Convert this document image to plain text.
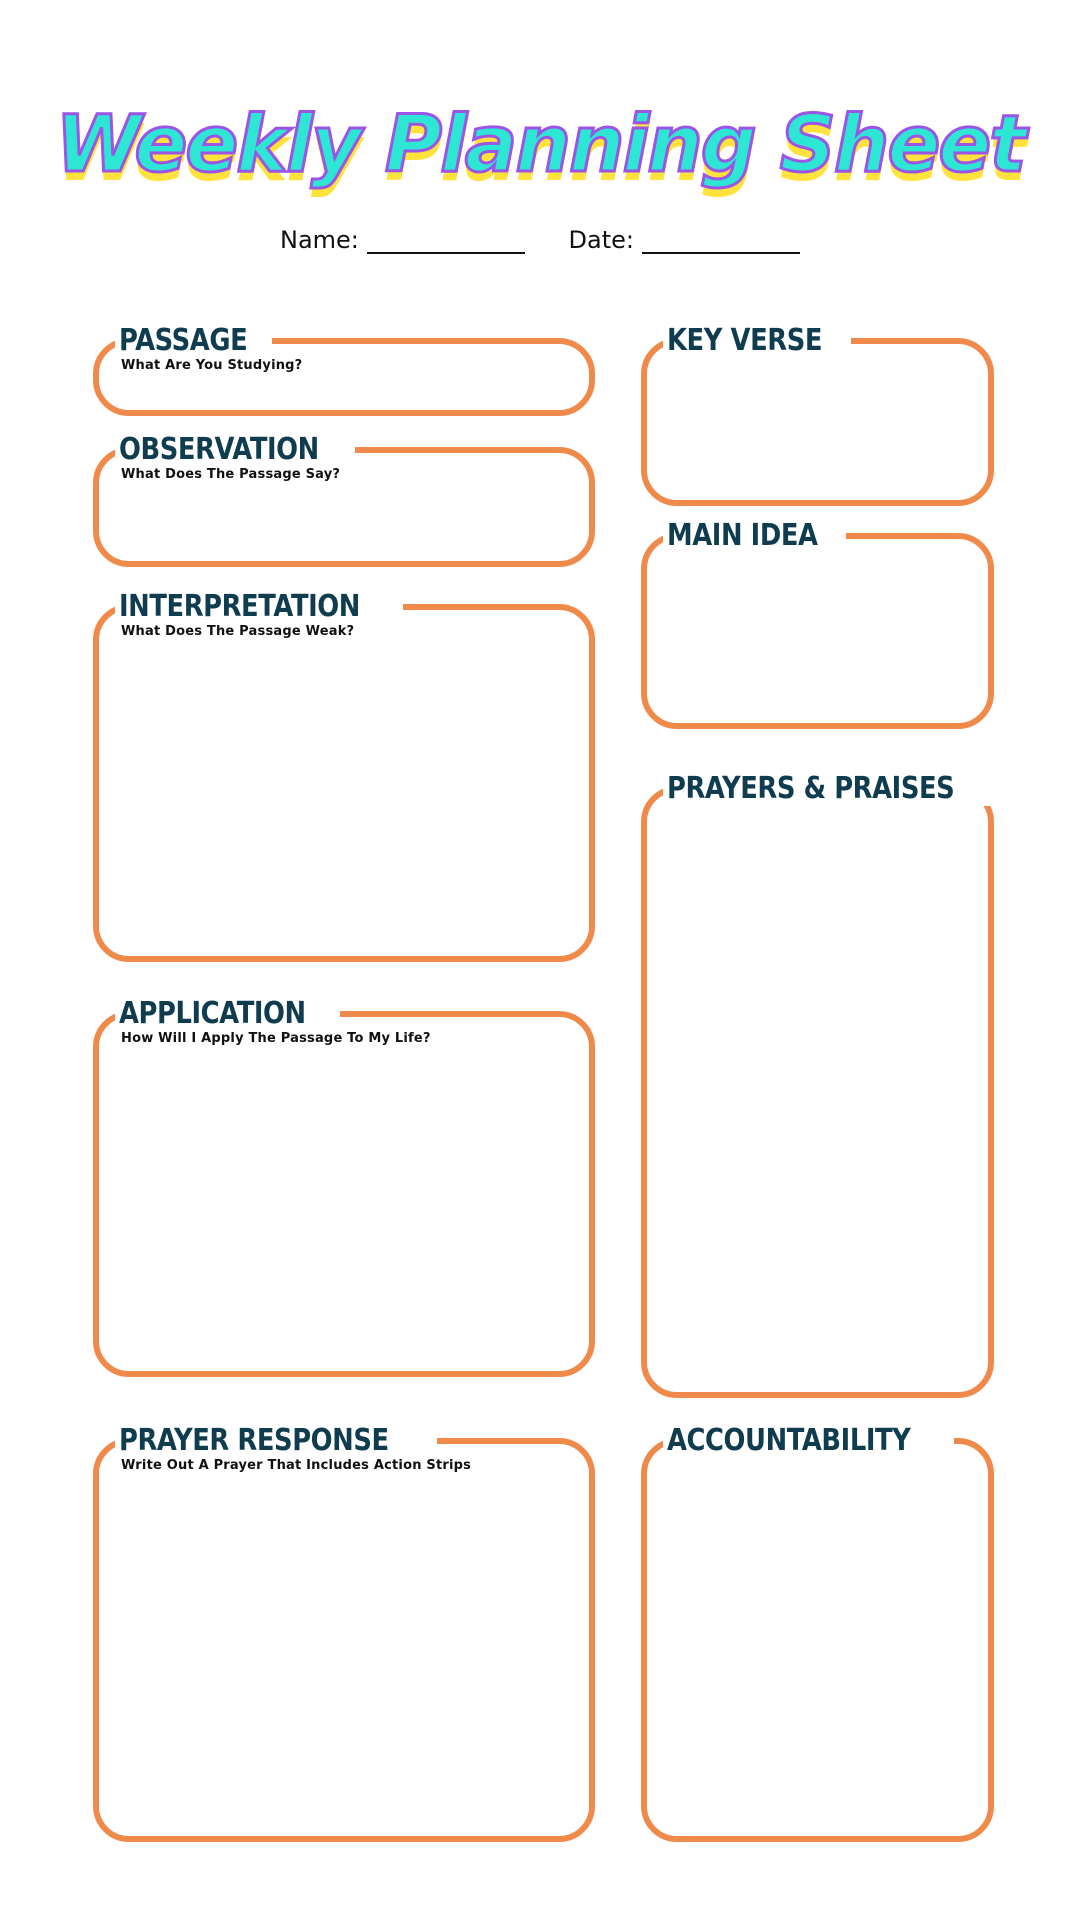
Weekly Planning Sheet
Name:	Date:
PASSAGE
What Are You Studying?
OBSERVATION
What Does The Passage Say?
INTERPRETATION
What Does The Passage Weak?
APPLICATION
How Will I Apply The Passage To My Life?
PRAYER RESPONSE
Write Out A Prayer That Includes Action Strips
KEY VERSE
MAIN IDEA
PRAYERS & PRAISES
ACCOUNTABILITY
